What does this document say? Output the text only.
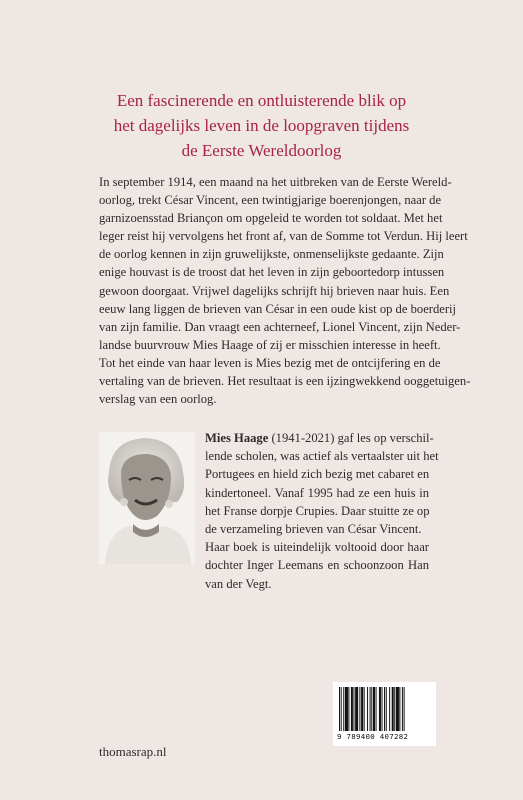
Een fascinerende en ontluisterende blik op
het dagelijks leven in de loopgraven tijdens
de Eerste Wereldoorlog
In september 1914, een maand na het uitbreken van de Eerste Wereld-
oorlog, trekt César Vincent, een twintigjarige boerenjongen, naar de
garnizoensstad Briançon om opgeleid te worden tot soldaat. Met het
leger reist hij vervolgens het front af, van de Somme tot Verdun. Hij leert
de oorlog kennen in zijn gruwelijkste, onmenselijkste gedaante. Zijn
enige houvast is de troost dat het leven in zijn geboortedorp intussen
gewoon doorgaat. Vrijwel dagelijks schrijft hij brieven naar huis. Een
eeuw lang liggen de brieven van César in een oude kist op de boerderij
van zijn familie. Dan vraagt een achterneef, Lionel Vincent, zijn Neder-
landse buurvrouw Mies Haage of zij er misschien interesse in heeft.
Tot het einde van haar leven is Mies bezig met de ontcijfering en de
vertaling van de brieven. Het resultaat is een ijzingwekkend ooggetuigen-
verslag van een oorlog.
Mies Haage (1941-2021) gaf les op verschil-
lende scholen, was actief als vertaalster uit het
Portugees en hield zich bezig met cabaret en
kindertoneel. Vanaf 1995 had ze een huis in
het Franse dorpje Crupies. Daar stuitte ze op
de verzameling brieven van César Vincent.
Haar boek is uiteindelijk voltooid door haar
dochter Inger Leemans en schoonzoon Han
van der Vegt.
9 789400 407282
thomasrap.nl
